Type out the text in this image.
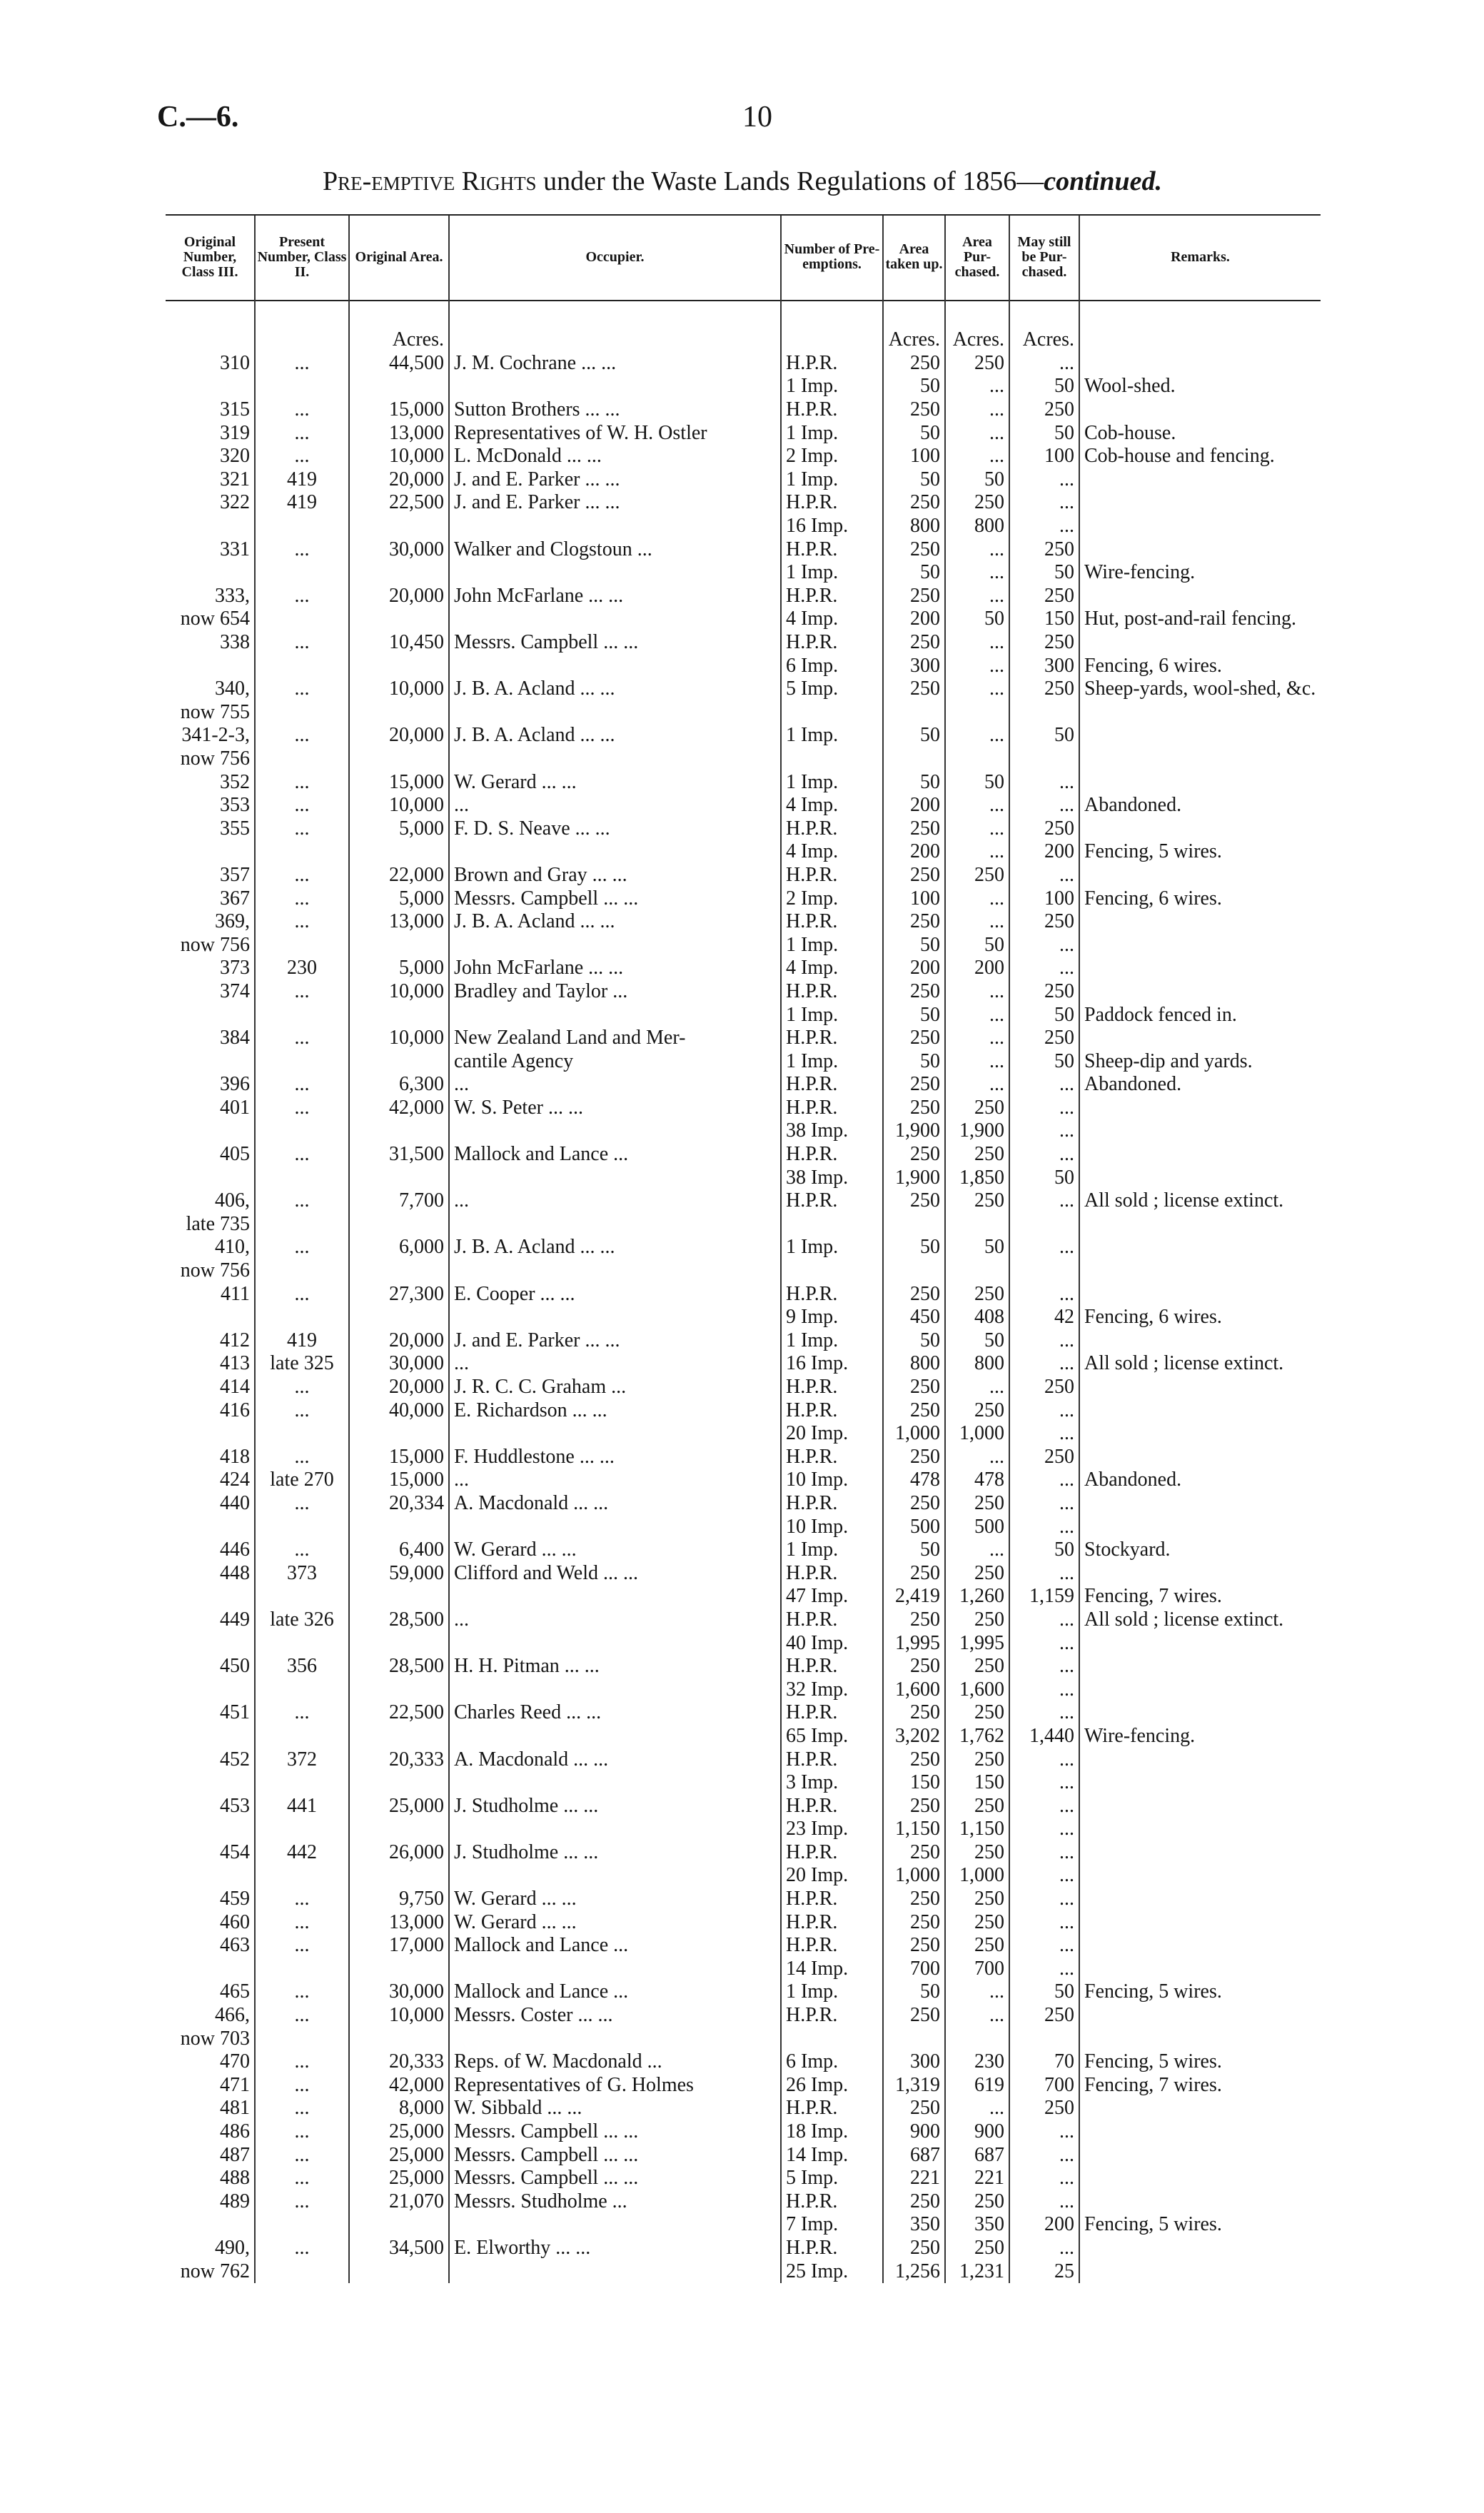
C.—6.	10
Pre-emptive Rights under the Waste Lands Regulations of 1856—continued.
Original Number, Class III.	Present Number, Class II.	Original Area.	Occupier.	Number of Pre-emptions.	Area taken up.	Area Pur-chased.	May still be Pur-chased.	Remarks.

		Acres.			Acres.	Acres.	Acres.	
310	...	44,500	J. M. Cochrane ... ...	H.P.R.	250	250	...	
				1 Imp.	50	...	50	Wool-shed.
315	...	15,000	Sutton Brothers ... ...	H.P.R.	250	...	250	
319	...	13,000	Representatives of W. H. Ostler	1 Imp.	50	...	50	Cob-house.
320	...	10,000	L. McDonald ... ...	2 Imp.	100	...	100	Cob-house and fencing.
321	419	20,000	J. and E. Parker ... ...	1 Imp.	50	50	...	
322	419	22,500	J. and E. Parker ... ...	H.P.R.	250	250	...	
				16 Imp.	800	800	...	
331	...	30,000	Walker and Clogstoun ...	H.P.R.	250	...	250	
				1 Imp.	50	...	50	Wire-fencing.
333,	...	20,000	John McFarlane ... ...	H.P.R.	250	...	250	
now 654				4 Imp.	200	50	150	Hut, post-and-rail fencing.
338	...	10,450	Messrs. Campbell ... ...	H.P.R.	250	...	250	
				6 Imp.	300	...	300	Fencing, 6 wires.
340,	...	10,000	J. B. A. Acland ... ...	5 Imp.	250	...	250	Sheep-yards, wool-shed, &c.
now 755								
341-2-3,	...	20,000	J. B. A. Acland ... ...	1 Imp.	50	...	50	
now 756								
352	...	15,000	W. Gerard ... ...	1 Imp.	50	50	...	
353	...	10,000	...	4 Imp.	200	...	...	Abandoned.
355	...	5,000	F. D. S. Neave ... ...	H.P.R.	250	...	250	
				4 Imp.	200	...	200	Fencing, 5 wires.
357	...	22,000	Brown and Gray ... ...	H.P.R.	250	250	...	
367	...	5,000	Messrs. Campbell ... ...	2 Imp.	100	...	100	Fencing, 6 wires.
369,	...	13,000	J. B. A. Acland ... ...	H.P.R.	250	...	250	
now 756				1 Imp.	50	50	...	
373	230	5,000	John McFarlane ... ...	4 Imp.	200	200	...	
374	...	10,000	Bradley and Taylor ...	H.P.R.	250	...	250	
				1 Imp.	50	...	50	Paddock fenced in.
384	...	10,000	New Zealand Land and Mer-	H.P.R.	250	...	250	
			cantile Agency	1 Imp.	50	...	50	Sheep-dip and yards.
396	...	6,300	...	H.P.R.	250	...	...	Abandoned.
401	...	42,000	W. S. Peter ... ...	H.P.R.	250	250	...	
				38 Imp.	1,900	1,900	...	
405	...	31,500	Mallock and Lance ...	H.P.R.	250	250	...	
				38 Imp.	1,900	1,850	50	
406,	...	7,700	...	H.P.R.	250	250	...	All sold ; license extinct.
late 735								
410,	...	6,000	J. B. A. Acland ... ...	1 Imp.	50	50	...	
now 756								
411	...	27,300	E. Cooper ... ...	H.P.R.	250	250	...	
				9 Imp.	450	408	42	Fencing, 6 wires.
412	419	20,000	J. and E. Parker ... ...	1 Imp.	50	50	...	
413	late 325	30,000	...	16 Imp.	800	800	...	All sold ; license extinct.
414	...	20,000	J. R. C. C. Graham ...	H.P.R.	250	...	250	
416	...	40,000	E. Richardson ... ...	H.P.R.	250	250	...	
				20 Imp.	1,000	1,000	...	
418	...	15,000	F. Huddlestone ... ...	H.P.R.	250	...	250	
424	late 270	15,000	...	10 Imp.	478	478	...	Abandoned.
440	...	20,334	A. Macdonald ... ...	H.P.R.	250	250	...	
				10 Imp.	500	500	...	
446	...	6,400	W. Gerard ... ...	1 Imp.	50	...	50	Stockyard.
448	373	59,000	Clifford and Weld ... ...	H.P.R.	250	250	...	
				47 Imp.	2,419	1,260	1,159	Fencing, 7 wires.
449	late 326	28,500	...	H.P.R.	250	250	...	All sold ; license extinct.
				40 Imp.	1,995	1,995	...	
450	356	28,500	H. H. Pitman ... ...	H.P.R.	250	250	...	
				32 Imp.	1,600	1,600	...	
451	...	22,500	Charles Reed ... ...	H.P.R.	250	250	...	
				65 Imp.	3,202	1,762	1,440	Wire-fencing.
452	372	20,333	A. Macdonald ... ...	H.P.R.	250	250	...	
				3 Imp.	150	150	...	
453	441	25,000	J. Studholme ... ...	H.P.R.	250	250	...	
				23 Imp.	1,150	1,150	...	
454	442	26,000	J. Studholme ... ...	H.P.R.	250	250	...	
				20 Imp.	1,000	1,000	...	
459	...	9,750	W. Gerard ... ...	H.P.R.	250	250	...	
460	...	13,000	W. Gerard ... ...	H.P.R.	250	250	...	
463	...	17,000	Mallock and Lance ...	H.P.R.	250	250	...	
				14 Imp.	700	700	...	
465	...	30,000	Mallock and Lance ...	1 Imp.	50	...	50	Fencing, 5 wires.
466,	...	10,000	Messrs. Coster ... ...	H.P.R.	250	...	250	
now 703								
470	...	20,333	Reps. of W. Macdonald ...	6 Imp.	300	230	70	Fencing, 5 wires.
471	...	42,000	Representatives of G. Holmes	26 Imp.	1,319	619	700	Fencing, 7 wires.
481	...	8,000	W. Sibbald ... ...	H.P.R.	250	...	250	
486	...	25,000	Messrs. Campbell ... ...	18 Imp.	900	900	...	
487	...	25,000	Messrs. Campbell ... ...	14 Imp.	687	687	...	
488	...	25,000	Messrs. Campbell ... ...	5 Imp.	221	221	...	
489	...	21,070	Messrs. Studholme ...	H.P.R.	250	250	...	
				7 Imp.	350	350	200	Fencing, 5 wires.
490,	...	34,500	E. Elworthy ... ...	H.P.R.	250	250	...	
now 762				25 Imp.	1,256	1,231	25	
